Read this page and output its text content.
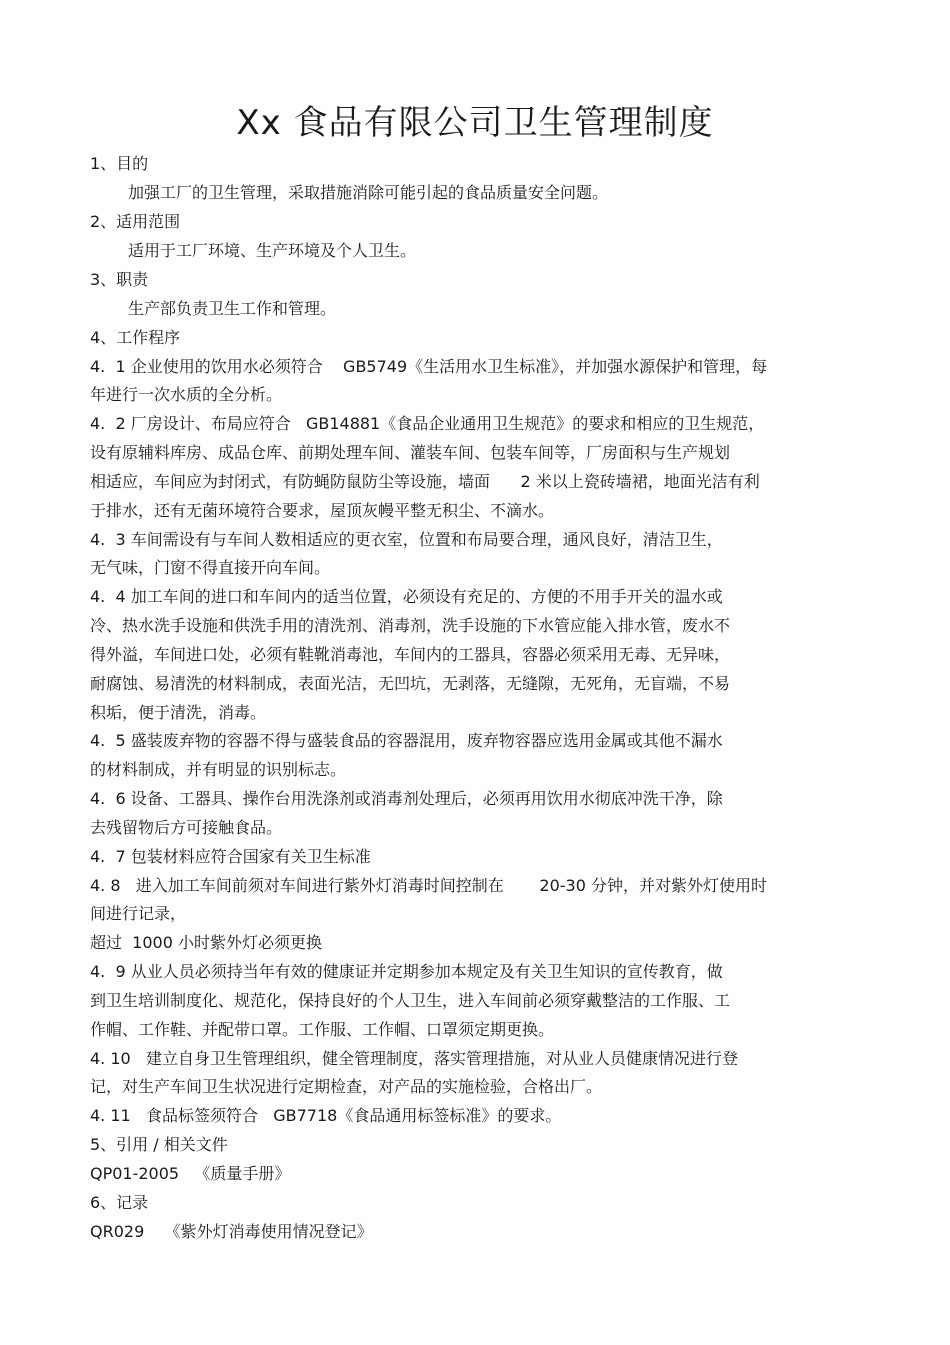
Xx 食品有限公司卫生管理制度
1、目的
加强工厂的卫生管理，采取措施消除可能引起的食品质量安全问题。
2、适用范围
适用于工厂环境、生产环境及个人卫生。
3、职责
生产部负责卫生工作和管理。
4、工作程序
4.  1 企业使用的饮用水必须符合    GB5749《生活用水卫生标准》，并加强水源保护和管理，每
年进行一次水质的全分析。
4.  2 厂房设计、布局应符合   GB14881《食品企业通用卫生规范》的要求和相应的卫生规范，
设有原辅料库房、成品仓库、前期处理车间、灌装车间、包装车间等，厂房面积与生产规划
相适应，车间应为封闭式，有防蝇防鼠防尘等设施，墙面      2 米以上瓷砖墙裙，地面光洁有利
于排水，还有无菌环境符合要求，屋顶灰幔平整无积尘、不滴水。
4.  3 车间需设有与车间人数相适应的更衣室，位置和布局要合理，通风良好，清洁卫生，
无气味，门窗不得直接开向车间。
4.  4 加工车间的进口和车间内的适当位置，必须设有充足的、方便的不用手开关的温水或
冷、热水洗手设施和供洗手用的清洗剂、消毒剂，洗手设施的下水管应能入排水管，废水不
得外溢，车间进口处，必须有鞋靴消毒池，车间内的工器具，容器必须采用无毒、无异味，
耐腐蚀、易清洗的材料制成，表面光洁，无凹坑，无剥落，无缝隙，无死角，无盲端，不易
积垢，便于清洗，消毒。
4.  5 盛装废弃物的容器不得与盛装食品的容器混用，废弃物容器应选用金属或其他不漏水
的材料制成，并有明显的识别标志。
4.  6 设备、工器具、操作台用洗涤剂或消毒剂处理后，必须再用饮用水彻底冲洗干净，除
去残留物后方可接触食品。
4.  7 包装材料应符合国家有关卫生标准
4. 8   进入加工车间前须对车间进行紫外灯消毒时间控制在       20-30 分钟，并对紫外灯使用时
间进行记录，
超过  1000 小时紫外灯必须更换
4.  9 从业人员必须持当年有效的健康证并定期参加本规定及有关卫生知识的宣传教育，做
到卫生培训制度化、规范化，保持良好的个人卫生，进入车间前必须穿戴整洁的工作服、工
作帽、工作鞋、并配带口罩。工作服、工作帽、口罩须定期更换。
4. 10   建立自身卫生管理组织，健全管理制度，落实管理措施，对从业人员健康情况进行登
记，对生产车间卫生状况进行定期检查，对产品的实施检验，合格出厂。
4. 11   食品标签须符合   GB7718《食品通用标签标准》的要求。
5、引用 / 相关文件
QP01-2005   《质量手册》
6、记录
QR029    《紫外灯消毒使用情况登记》
